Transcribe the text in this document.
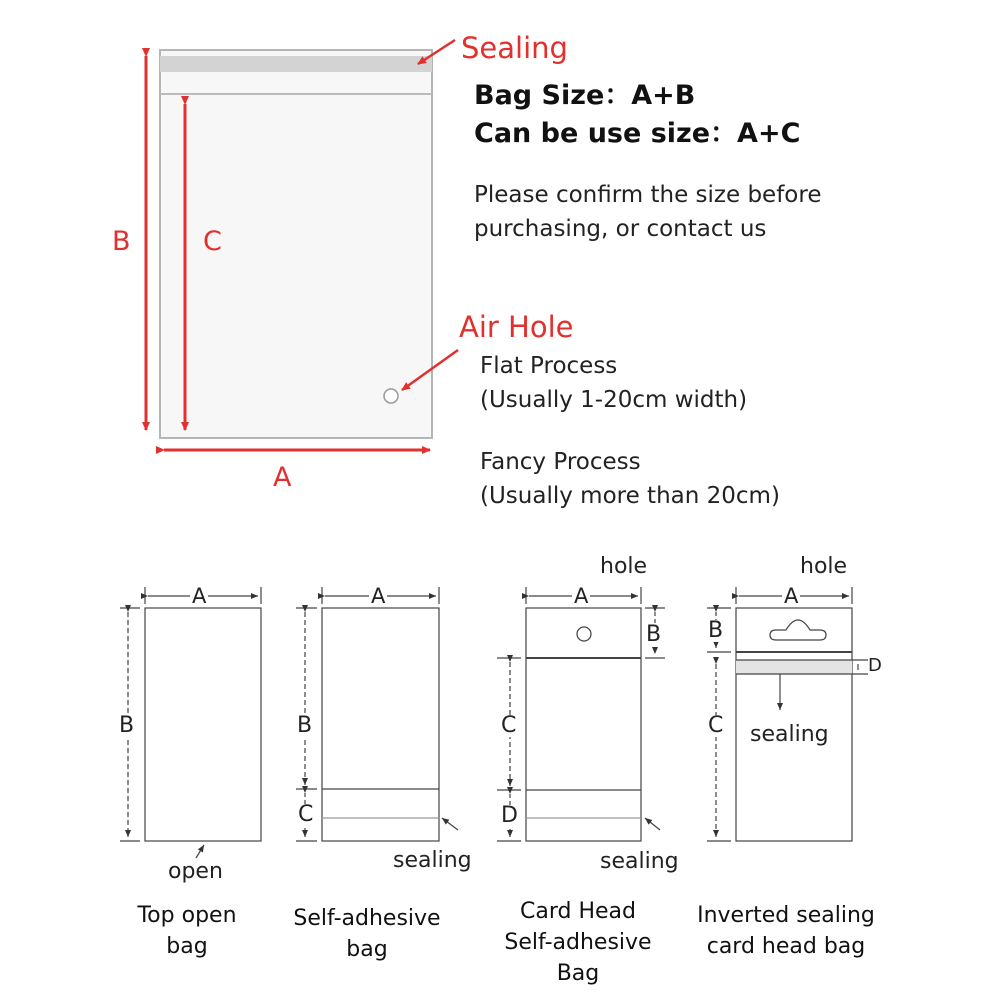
Sealing
B	C
A
Air Hole
Bag Size：A+B
Can be use size：A+C
Please confirm the size before
purchasing, or contact us
Flat Process
(Usually 1-20cm width)
Fancy Process
(Usually more than 20cm)
A
B
open
Top open
bag
A
B
C
sealing
Self-adhesive
bag
hole
A
B
C
D
sealing
Card Head
Self-adhesive
Bag
hole
A
B
C
D
sealing
Inverted sealing
card head bag
